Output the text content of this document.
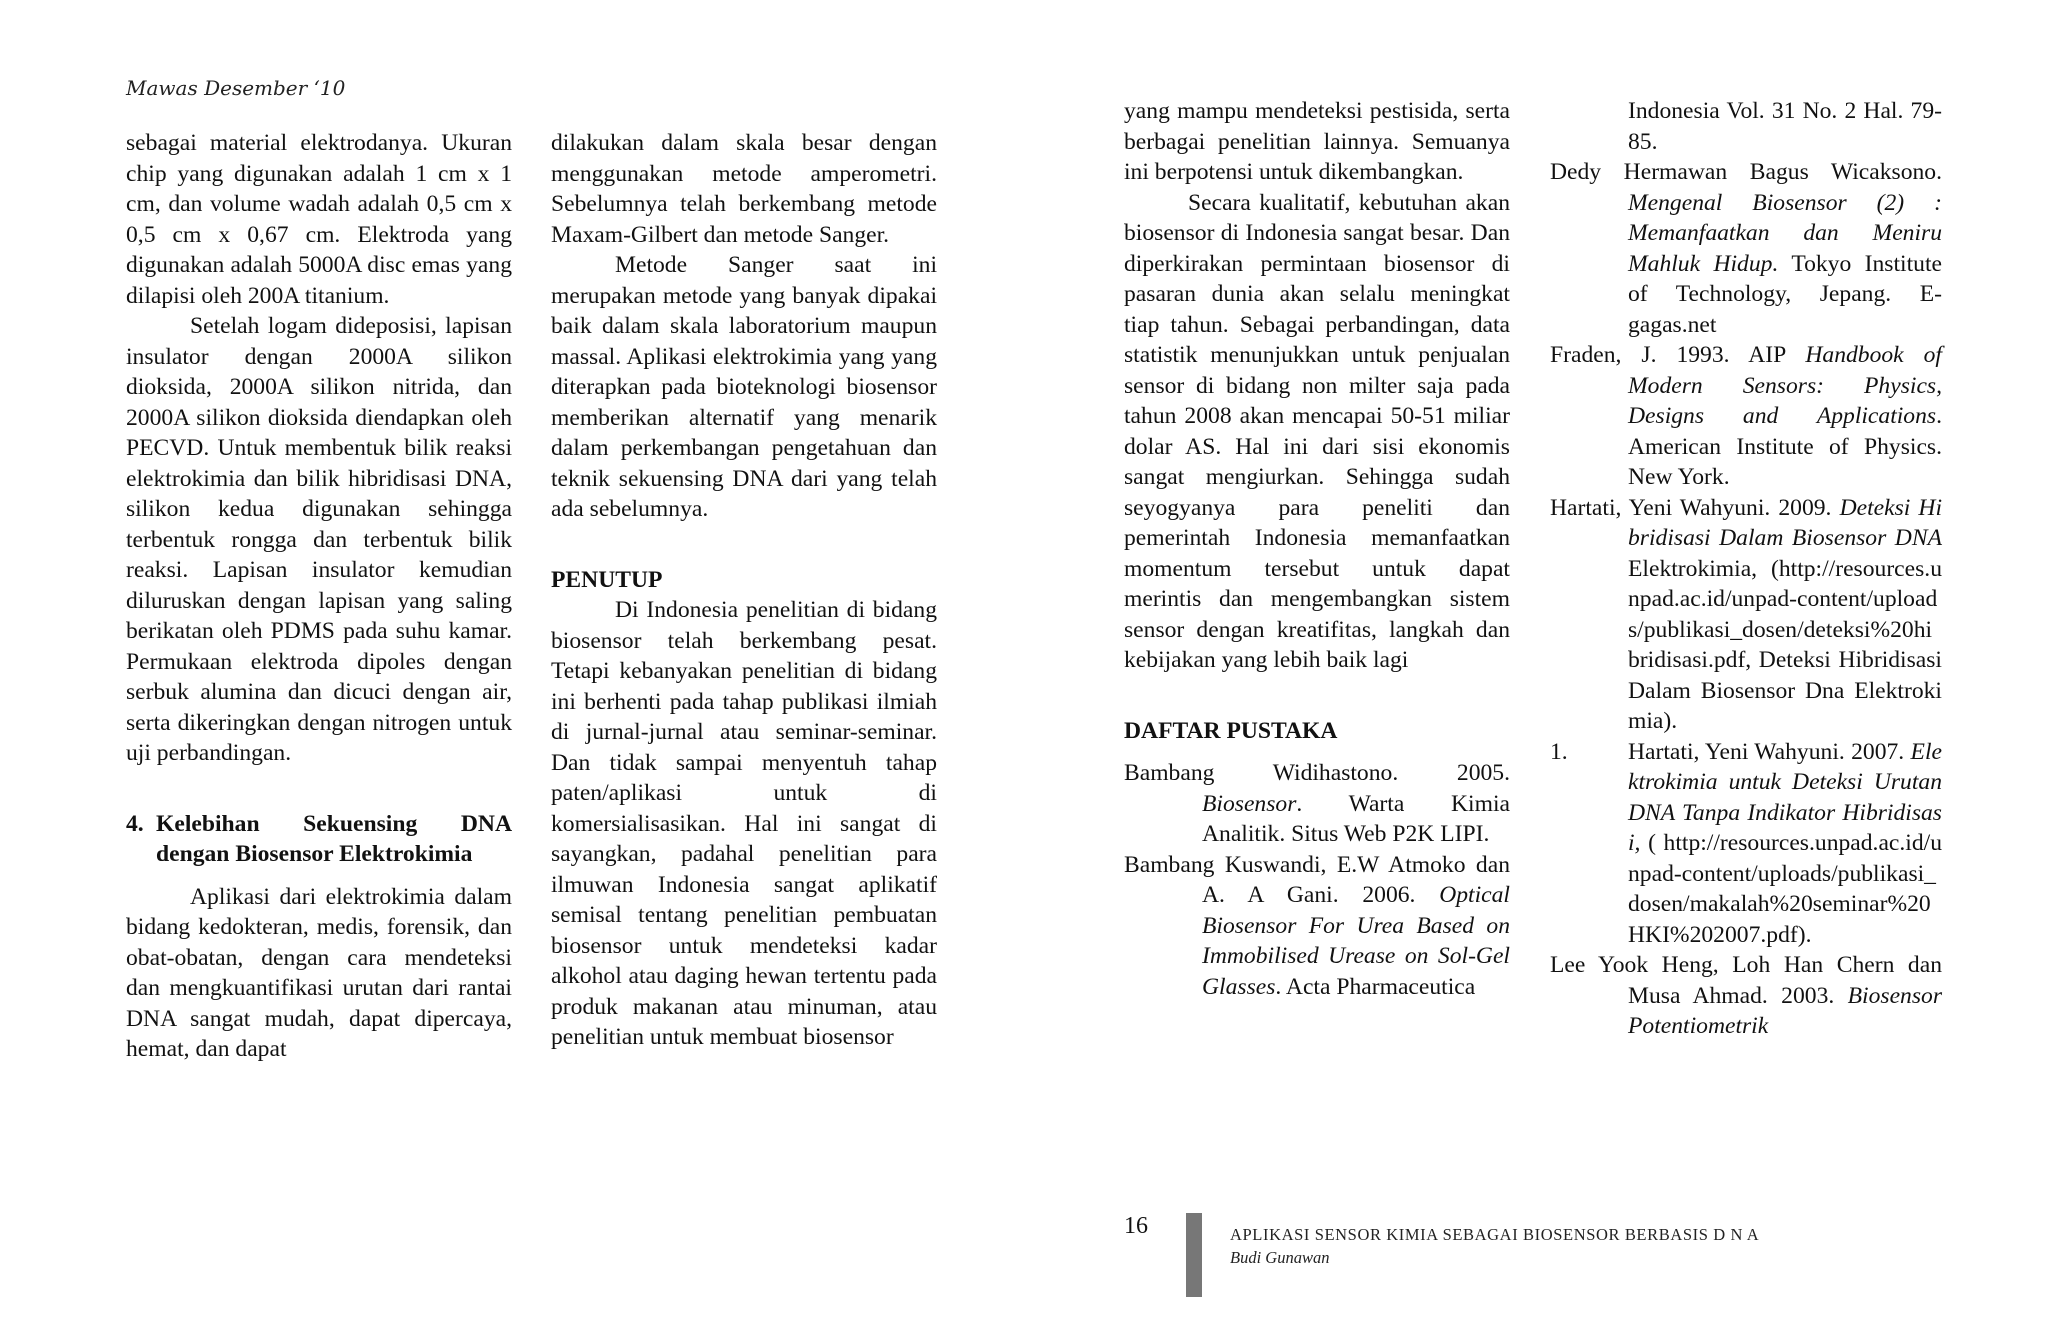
Mawas Desember ‘10

sebagai material elektrodanya. Ukuran chip yang digunakan adalah 1 cm x 1 cm, dan volume wadah adalah 0,5 cm x 0,5 cm x 0,67 cm. Elektroda yang digunakan adalah 5000A disc emas yang dilapisi oleh 200A titanium.

Setelah logam dideposisi, lapisan insulator dengan 2000A silikon dioksida, 2000A silikon nitrida, dan 2000A silikon dioksida diendapkan oleh PECVD. Untuk membentuk bilik reaksi elektrokimia dan bilik hibridisasi DNA, silikon kedua digunakan sehingga terbentuk rongga dan terbentuk bilik reaksi. Lapisan insulator kemudian diluruskan dengan lapisan yang saling berikatan oleh PDMS pada suhu kamar. Permukaan elektroda dipoles dengan serbuk alumina dan dicuci dengan air, serta dikeringkan dengan nitrogen untuk uji perbandingan.

4. Kelebihan Sekuensing DNA dengan Biosensor Elektrokimia

Aplikasi dari elektrokimia dalam bidang kedokteran, medis, forensik, dan obat-obatan, dengan cara mendeteksi dan mengkuantifikasi urutan dari rantai DNA sangat mudah, dapat dipercaya, hemat, dan dapat

dilakukan dalam skala besar dengan menggunakan metode amperometri. Sebelumnya telah berkembang metode Maxam-Gilbert dan metode Sanger.

Metode Sanger saat ini merupakan metode yang banyak dipakai baik dalam skala laboratorium maupun massal. Aplikasi elektrokimia yang yang diterapkan pada bioteknologi biosensor memberikan alternatif yang menarik dalam perkembangan pengetahuan dan teknik sekuensing DNA dari yang telah ada sebelumnya.

PENUTUP

Di Indonesia penelitian di bidang biosensor telah berkembang pesat. Tetapi kebanyakan penelitian di bidang ini berhenti pada tahap publikasi ilmiah di jurnal-jurnal atau seminar-seminar. Dan tidak sampai menyentuh tahap paten/aplikasi untuk di komersialisasikan. Hal ini sangat di sayangkan, padahal penelitian para ilmuwan Indonesia sangat aplikatif semisal tentang penelitian pembuatan biosensor untuk mendeteksi kadar alkohol atau daging hewan tertentu pada produk makanan atau minuman, atau penelitian untuk membuat biosensor

yang mampu mendeteksi pestisida, serta berbagai penelitian lainnya. Semuanya ini berpotensi untuk dikembangkan.

Secara kualitatif, kebutuhan akan biosensor di Indonesia sangat besar. Dan diperkirakan permintaan biosensor di pasaran dunia akan selalu meningkat tiap tahun. Sebagai perbandingan, data statistik menunjukkan untuk penjualan sensor di bidang non milter saja pada tahun 2008 akan mencapai 50-51 miliar dolar AS. Hal ini dari sisi ekonomis sangat mengiurkan. Sehingga sudah seyogyanya para peneliti dan pemerintah Indonesia memanfaatkan momentum tersebut untuk dapat merintis dan mengembangkan sistem sensor dengan kreatifitas, langkah dan kebijakan yang lebih baik lagi

DAFTAR PUSTAKA

Bambang Widihastono. 2005. Biosensor. Warta Kimia Analitik. Situs Web P2K LIPI.

Bambang Kuswandi, E.W Atmoko dan A. A Gani. 2006. Optical Biosensor For Urea Based on Immobilised Urease on Sol-Gel Glasses. Acta Pharmaceutica

Indonesia Vol. 31 No. 2 Hal. 79-85.

Dedy Hermawan Bagus Wicaksono. Mengenal Biosensor (2) : Memanfaatkan dan Meniru Mahluk Hidup. Tokyo Institute of Technology, Jepang. E-gagas.net

Fraden, J. 1993. AIP Handbook of Modern Sensors: Physics, Designs and Applications. American Institute of Physics. New York.

Hartati, Yeni Wahyuni. 2009. Deteksi Hibridisasi Dalam Biosensor DNA Elektrokimia, (http://resources.unpad.ac.id/unpad-content/uploads/publikasi_dosen/deteksi%20hibridisasi.pdf, Deteksi Hibridisasi Dalam Biosensor Dna Elektrokimia).

1.	Hartati, Yeni Wahyuni. 2007. Elektrokimia untuk Deteksi Urutan DNA Tanpa Indikator Hibridisasi, ( http://resources.unpad.ac.id/unpad-content/uploads/publikasi_dosen/makalah%20seminar%20HKI%202007.pdf).

Lee Yook Heng, Loh Han Chern dan Musa Ahmad. 2003. Biosensor Potentiometrik

16	APLIKASI SENSOR KIMIA SEBAGAI BIOSENSOR BERBASIS D N A
Budi Gunawan
